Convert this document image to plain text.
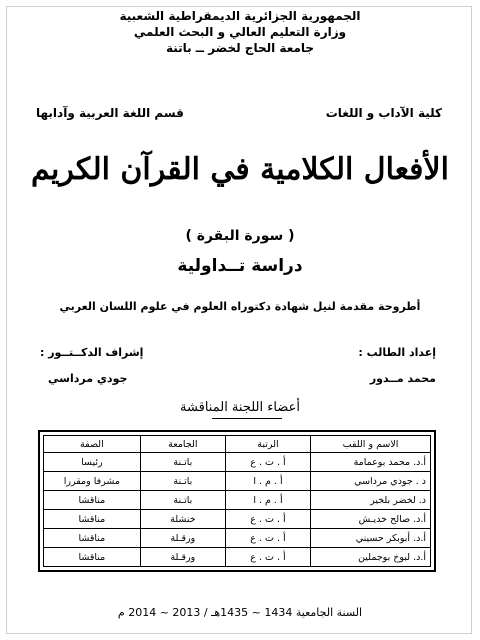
الجمهورية الجزائرية الديمقراطية الشعبية
وزارة التعليم العالي و البحث العلمي
جامعة الحاج لخضر ــ باتنة
كلية الآداب و اللغات
قسم اللغة العربية وآدابها
الأفعال الكلامية في القرآن الكريم
( سورة البقرة )
دراسة تــداولية
أطروحة مقدمة لنيل شهادة دكتوراه العلوم في علوم اللسان العربي
إعداد الطالب :
محمد مــدور
إشراف الدكــتــور :
جودي مرداسي
أعضاء اللجنة المناقشة
الاسم و اللقب	الرتبة	الجامعة	الصفة
أ.د. محمد بوعمامة	أ . ت . ع	باتـنة	رئيسا
د . جودي مرداسي	أ . م . ا	باتـنة	مشرفا ومقررا
د. لخضر بلخير	أ . م . ا	باتـنة	مناقشا
أ.د. صالح خديـش	أ . ت . ع	خنشلة	مناقشا
أ.د. أبوبكر حسيني	أ . ت . ع	ورقـلة	مناقشا
أ.د. لبوخ بوجملين	أ . ت . ع	ورقـلة	مناقشا
السنة الجامعية 1434 ~ 1435هـ / 2013 ~ 2014 م
